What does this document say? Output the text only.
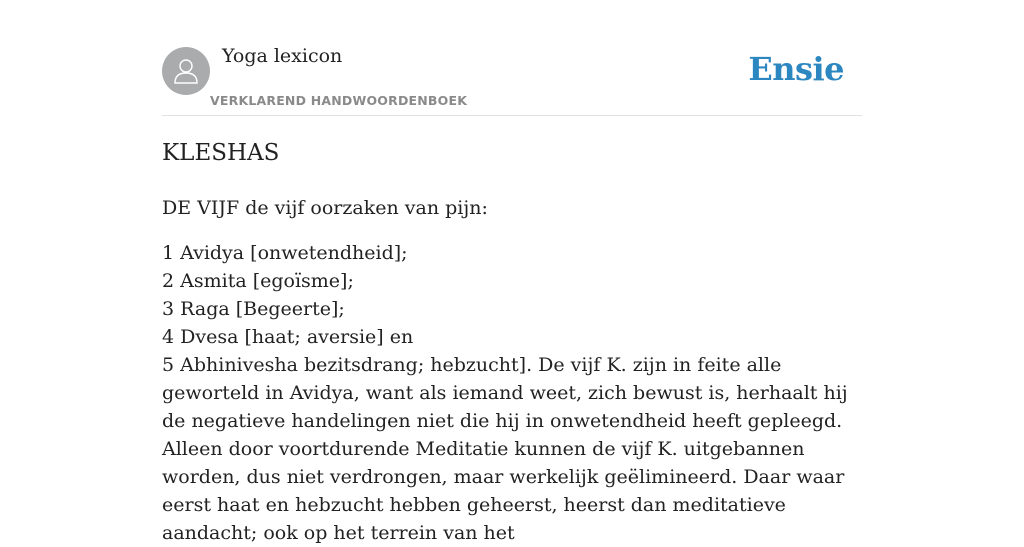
Yoga lexicon
VERKLAREND HANDWOORDENBOEK
Ensie
KLESHAS

DE VIJF de vijf oorzaken van pijn:

1 Avidya [onwetendheid];
2 Asmita [egoïsme];
3 Raga [Begeerte];
4 Dvesa [haat; aversie] en
5 Abhinivesha bezitsdrang; hebzucht]. De vijf K. zijn in feite alle geworteld in Avidya, want als iemand weet, zich bewust is, herhaalt hij de negatieve handelingen niet die hij in onwetendheid heeft gepleegd. Alleen door voortdurende Meditatie kunnen de vijf K. uitgebannen worden, dus niet verdrongen, maar werkelijk geëlimineerd. Daar waar eerst haat en hebzucht hebben geheerst, heerst dan meditatieve aandacht; ook op het terrein van het
